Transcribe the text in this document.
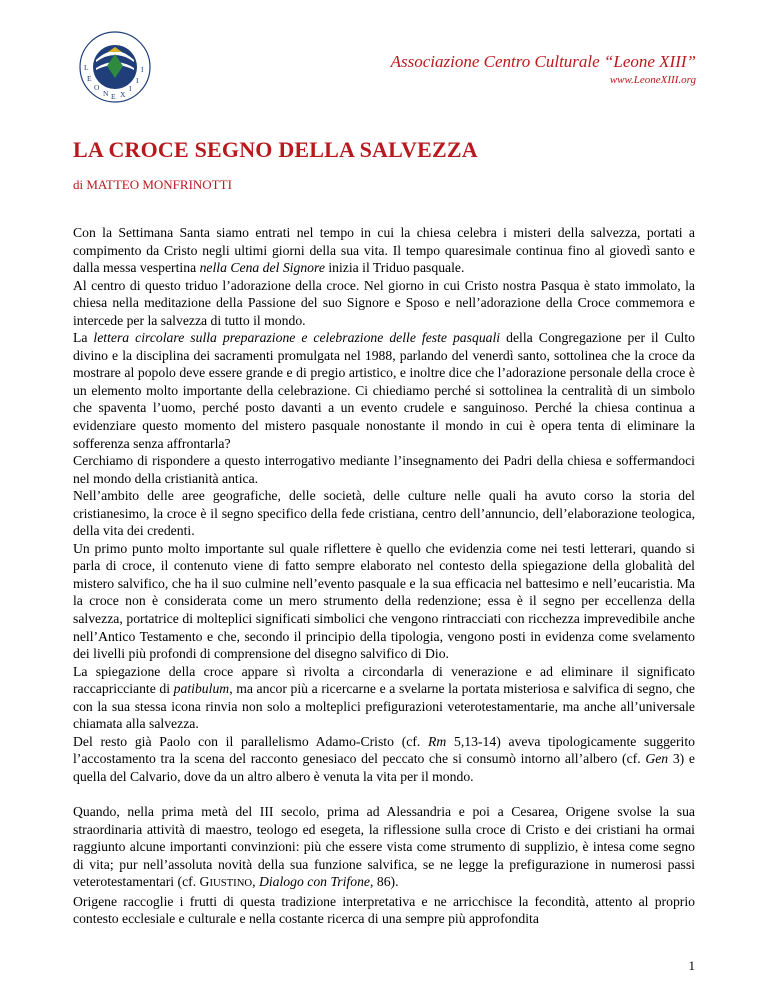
L
E
O
N E X
I
I
I	Associazione Centro Culturale “Leone XIII”
www.LeoneXIII.org
LA CROCE SEGNO DELLA SALVEZZA
di MATTEO MONFRINOTTI

Con la Settimana Santa siamo entrati nel tempo in cui la chiesa celebra i misteri della salvezza, portati a compimento da Cristo negli ultimi giorni della sua vita. Il tempo quaresimale continua fino al giovedì santo e dalla messa vespertina nella Cena del Signore inizia il Triduo pasquale.

Al centro di questo triduo l’adorazione della croce. Nel giorno in cui Cristo nostra Pasqua è stato immolato, la chiesa nella meditazione della Passione del suo Signore e Sposo e nell’adorazione della Croce commemora e intercede per la salvezza di tutto il mondo.

La lettera circolare sulla preparazione e celebrazione delle feste pasquali della Congregazione per il Culto divino e la disciplina dei sacramenti promulgata nel 1988, parlando del venerdì santo, sottolinea che la croce da mostrare al popolo deve essere grande e di pregio artistico, e inoltre dice che l’adorazione personale della croce è un elemento molto importante della celebrazione. Ci chiediamo perché si sottolinea la centralità di un simbolo che spaventa l’uomo, perché posto davanti a un evento crudele e sanguinoso. Perché la chiesa continua a evidenziare questo momento del mistero pasquale nonostante il mondo in cui è opera tenta di eliminare la sofferenza senza affrontarla?

Cerchiamo di rispondere a questo interrogativo mediante l’insegnamento dei Padri della chiesa e soffermandoci nel mondo della cristianità antica.

Nell’ambito delle aree geografiche, delle società, delle culture nelle quali ha avuto corso la storia del cristianesimo, la croce è il segno specifico della fede cristiana, centro dell’annuncio, dell’elaborazione teologica, della vita dei credenti.

Un primo punto molto importante sul quale riflettere è quello che evidenzia come nei testi letterari, quando si parla di croce, il contenuto viene di fatto sempre elaborato nel contesto della spiegazione della globalità del mistero salvifico, che ha il suo culmine nell’evento pasquale e la sua efficacia nel battesimo e nell’eucaristia. Ma la croce non è considerata come un mero strumento della redenzione; essa è il segno per eccellenza della salvezza, portatrice di molteplici significati simbolici che vengono rintracciati con ricchezza imprevedibile anche nell’Antico Testamento e che, secondo il principio della tipologia, vengono posti in evidenza come svelamento dei livelli più profondi di comprensione del disegno salvifico di Dio.

La spiegazione della croce appare sì rivolta a circondarla di venerazione e ad eliminare il significato raccapricciante di patibulum, ma ancor più a ricercarne e a svelarne la portata misteriosa e salvifica di segno, che con la sua stessa icona rinvia non solo a molteplici prefigurazioni veterotestamentarie, ma anche all’universale chiamata alla salvezza.

Del resto già Paolo con il parallelismo Adamo-Cristo (cf. Rm 5,13-14) aveva tipologicamente suggerito l’accostamento tra la scena del racconto genesiaco del peccato che si consumò intorno all’albero (cf. Gen 3) e quella del Calvario, dove da un altro albero è venuta la vita per il mondo.

Quando, nella prima metà del III secolo, prima ad Alessandria e poi a Cesarea, Origene svolse la sua straordinaria attività di maestro, teologo ed esegeta, la riflessione sulla croce di Cristo e dei cristiani ha ormai raggiunto alcune importanti convinzioni: più che essere vista come strumento di supplizio, è intesa come segno di vita; pur nell’assoluta novità della sua funzione salvifica, se ne legge la prefigurazione in numerosi passi veterotestamentari (cf. GIUSTINO, Dialogo con Trifone, 86).

Origene raccoglie i frutti di questa tradizione interpretativa e ne arricchisce la fecondità, attento al proprio contesto ecclesiale e culturale e nella costante ricerca di una sempre più approfondita

1
